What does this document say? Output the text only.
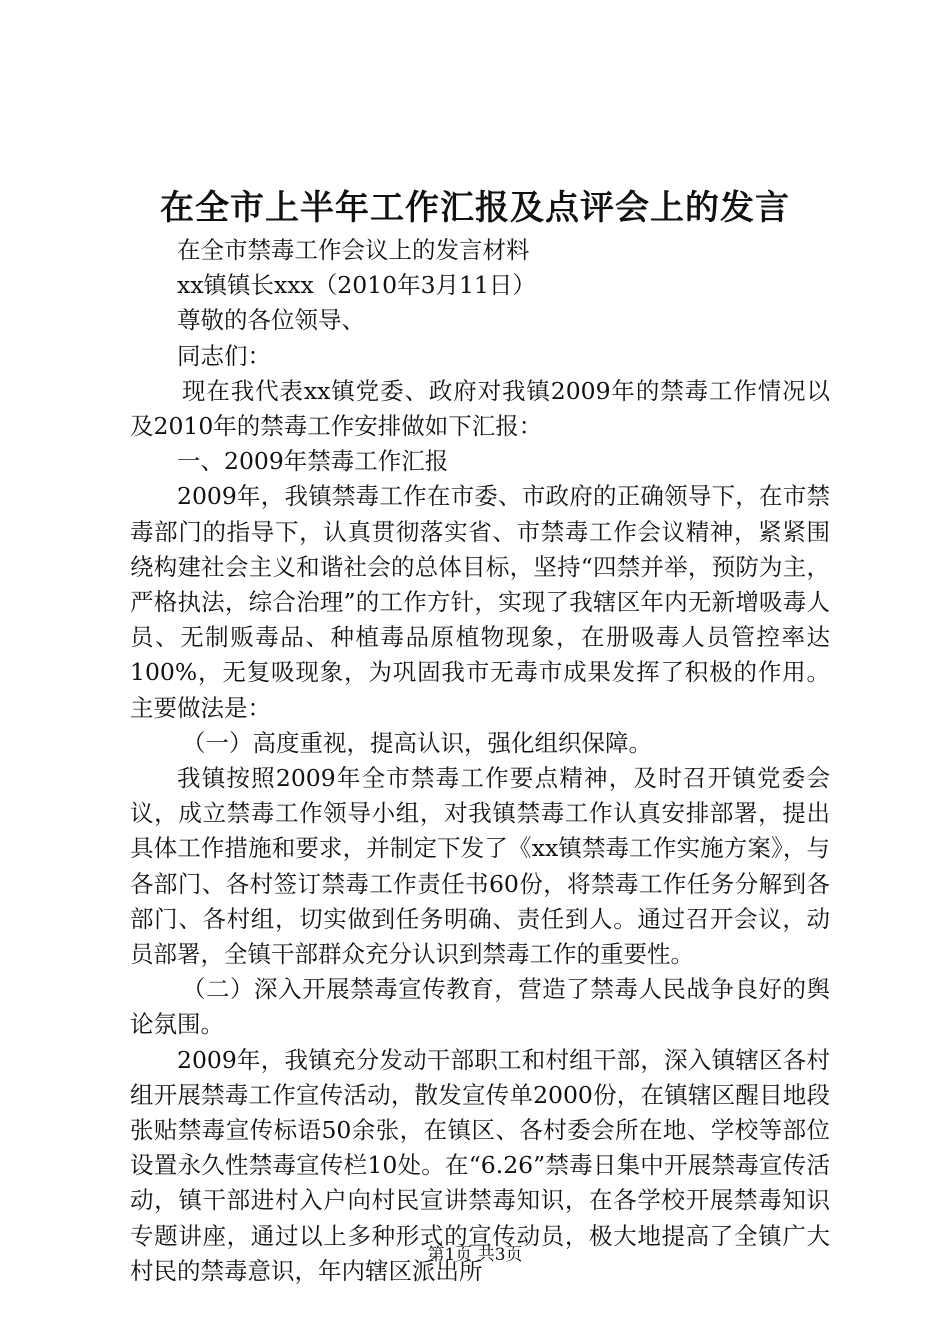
在全市上半年工作汇报及点评会上的发言

在全市禁毒工作会议上的发言材料

xx镇镇长xxx（2010年3月11日）

尊敬的各位领导、

同志们：

现在我代表xx镇党委、政府对我镇2009年的禁毒工作情况以及2010年的禁毒工作安排做如下汇报：

一、2009年禁毒工作汇报

2009年，我镇禁毒工作在市委、市政府的正确领导下，在市禁毒部门的指导下，认真贯彻落实省、市禁毒工作会议精神，紧紧围绕构建社会主义和谐社会的总体目标，坚持“四禁并举，预防为主，严格执法，综合治理”的工作方针，实现了我辖区年内无新增吸毒人员、无制贩毒品、种植毒品原植物现象，在册吸毒人员管控率达100%，无复吸现象，为巩固我市无毒市成果发挥了积极的作用。主要做法是：

（一）高度重视，提高认识，强化组织保障。

我镇按照2009年全市禁毒工作要点精神，及时召开镇党委会议，成立禁毒工作领导小组，对我镇禁毒工作认真安排部署，提出具体工作措施和要求，并制定下发了《xx镇禁毒工作实施方案》，与各部门、各村签订禁毒工作责任书60份，将禁毒工作任务分解到各部门、各村组，切实做到任务明确、责任到人。通过召开会议，动员部署，全镇干部群众充分认识到禁毒工作的重要性。

（二）深入开展禁毒宣传教育，营造了禁毒人民战争良好的舆论氛围。

2009年，我镇充分发动干部职工和村组干部，深入镇辖区各村组开展禁毒工作宣传活动，散发宣传单2000份，在镇辖区醒目地段张贴禁毒宣传标语50余张，在镇区、各村委会所在地、学校等部位设置永久性禁毒宣传栏10处。在“6.26”禁毒日集中开展禁毒宣传活动，镇干部进村入户向村民宣讲禁毒知识，在各学校开展禁毒知识专题讲座，通过以上多种形式的宣传动员，极大地提高了全镇广大村民的禁毒意识，年内辖区派出所

第1页 共3页
